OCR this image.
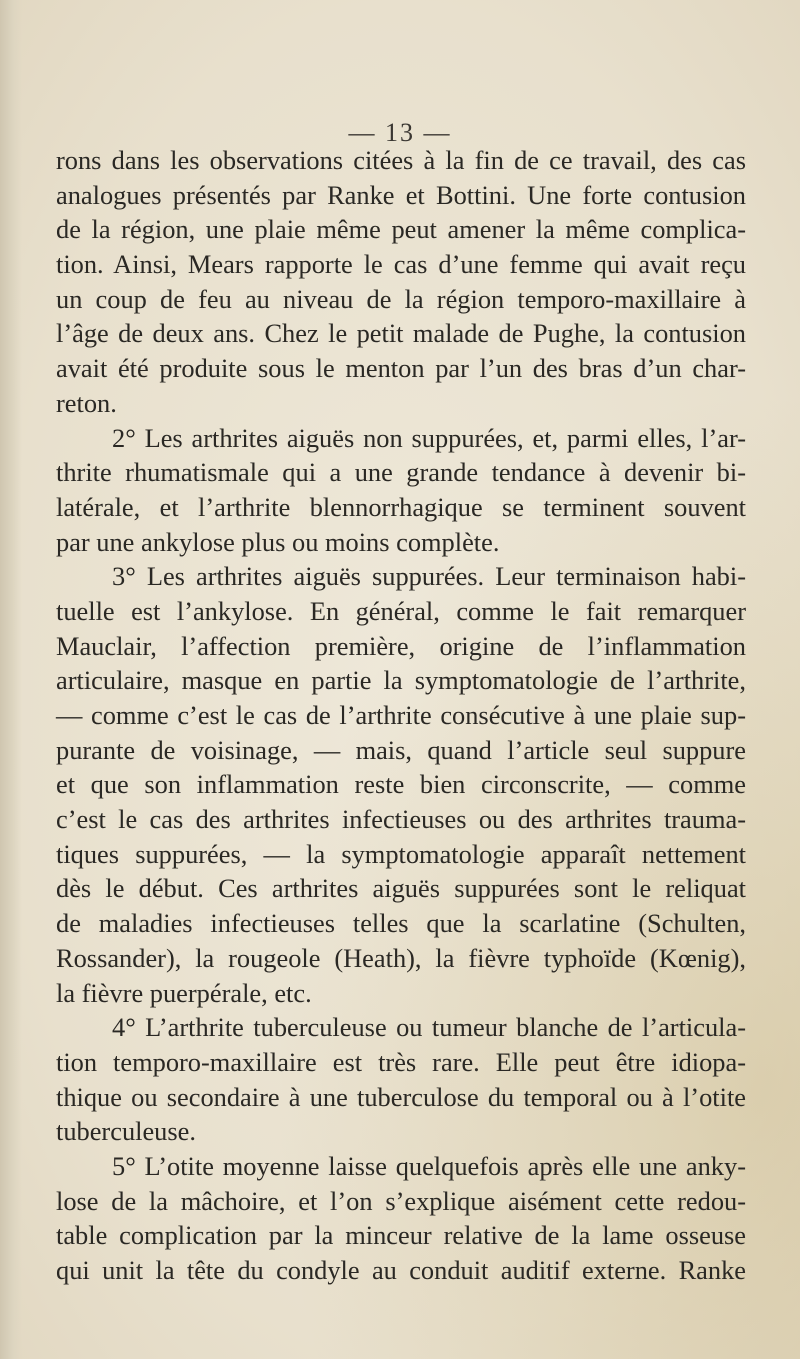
— 13 —
rons dans les observations citées à la fin de ce travail, des cas
analogues présentés par Ranke et Bottini. Une forte contusion
de la région, une plaie même peut amener la même complica-
tion. Ainsi, Mears rapporte le cas d’une femme qui avait reçu
un coup de feu au niveau de la région temporo-maxillaire à
l’âge de deux ans. Chez le petit malade de Pughe, la contusion
avait été produite sous le menton par l’un des bras d’un char-
reton.
2° Les arthrites aiguës non suppurées, et, parmi elles, l’ar-
thrite rhumatismale qui a une grande tendance à devenir bi-
latérale, et l’arthrite blennorrhagique se terminent souvent
par une ankylose plus ou moins complète.
3° Les arthrites aiguës suppurées. Leur terminaison habi-
tuelle est l’ankylose. En général, comme le fait remarquer
Mauclair, l’affection première, origine de l’inflammation
articulaire, masque en partie la symptomatologie de l’arthrite,
— comme c’est le cas de l’arthrite consécutive à une plaie sup-
purante de voisinage, — mais, quand l’article seul suppure
et que son inflammation reste bien circonscrite, — comme
c’est le cas des arthrites infectieuses ou des arthrites trauma-
tiques suppurées, — la symptomatologie apparaît nettement
dès le début. Ces arthrites aiguës suppurées sont le reliquat
de maladies infectieuses telles que la scarlatine (Schulten,
Rossander), la rougeole (Heath), la fièvre typhoïde (Kœnig),
la fièvre puerpérale, etc.
4° L’arthrite tuberculeuse ou tumeur blanche de l’articula-
tion temporo-maxillaire est très rare. Elle peut être idiopa-
thique ou secondaire à une tuberculose du temporal ou à l’otite
tuberculeuse.
5° L’otite moyenne laisse quelquefois après elle une anky-
lose de la mâchoire, et l’on s’explique aisément cette redou-
table complication par la minceur relative de la lame osseuse
qui unit la tête du condyle au conduit auditif externe. Ranke
